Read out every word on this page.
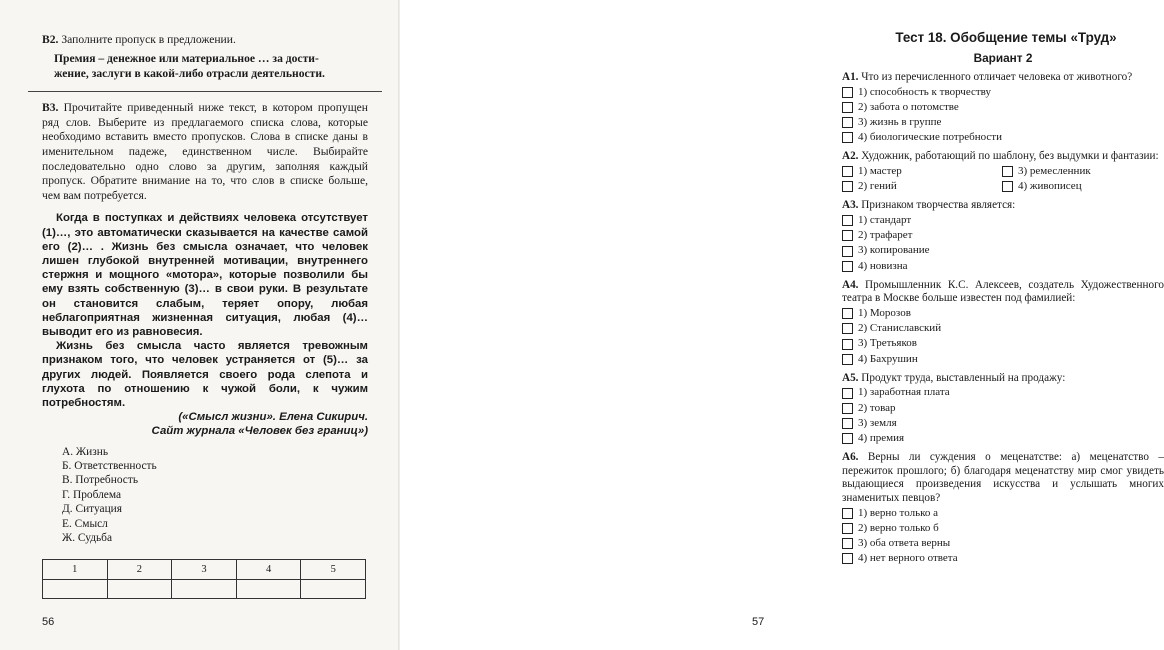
В2. Заполните пропуск в предложении.
Премия – денежное или материальное … за дости-
жение, заслуги в какой-либо отрасли деятельности.
В3. Прочитайте приведенный ниже текст, в котором пропущен ряд слов. Выберите из предлагаемого списка слова, которые необходимо вставить вместо пропусков. Слова в списке даны в именительном падеже, единственном числе. Выбирайте последовательно одно слово за другим, заполняя каждый пропуск. Обратите внимание на то, что слов в списке больше, чем вам потребуется.
Когда в поступках и действиях человека отсутствует (1)…, это автоматически сказывается на качестве самой его (2)… . Жизнь без смысла означает, что человек лишен глубокой внутренней мотивации, внутреннего стержня и мощного «мотора», которые позволили бы ему взять собственную (3)… в свои руки. В результате он становится слабым, теряет опору, любая неблагоприятная жизненная ситуация, любая (4)… выводит его из равновесия.
Жизнь без смысла часто является тревожным признаком того, что человек устраняется от (5)… за других людей. Появляется своего рода слепота и глухота по отношению к чужой боли, к чужим потребностям.
(«Смысл жизни». Елена Сикирич.
Сайт журнала «Человек без границ»)
А. Жизнь
Б. Ответственность
В. Потребность
Г. Проблема
Д. Ситуация
Е. Смысл
Ж. Судьба
1	2	3	4	5

56
Тест 18. Обобщение темы «Труд»
Вариант 2
А1. Что из перечисленного отличает человека от животного?
1) способность к творчеству
2) забота о потомстве
3) жизнь в группе
4) биологические потребности
А2. Художник, работающий по шаблону, без выдумки и фантазии:
1) мастер	3) ремесленник
2) гений	4) живописец
А3. Признаком творчества является:
1) стандарт
2) трафарет
3) копирование
4) новизна
А4. Промышленник К.С. Алексеев, создатель Художественного театра в Москве больше известен под фамилией:
1) Морозов
2) Станиславский
3) Третьяков
4) Бахрушин
А5. Продукт труда, выставленный на продажу:
1) заработная плата
2) товар
3) земля
4) премия
А6. Верны ли суждения о меценатстве: а) меценатство – пережиток прошлого; б) благодаря меценатству мир смог увидеть выдающиеся произведения искусства и услышать многих знаменитых певцов?
1) верно только а
2) верно только б
3) оба ответа верны
4) нет верного ответа
57
